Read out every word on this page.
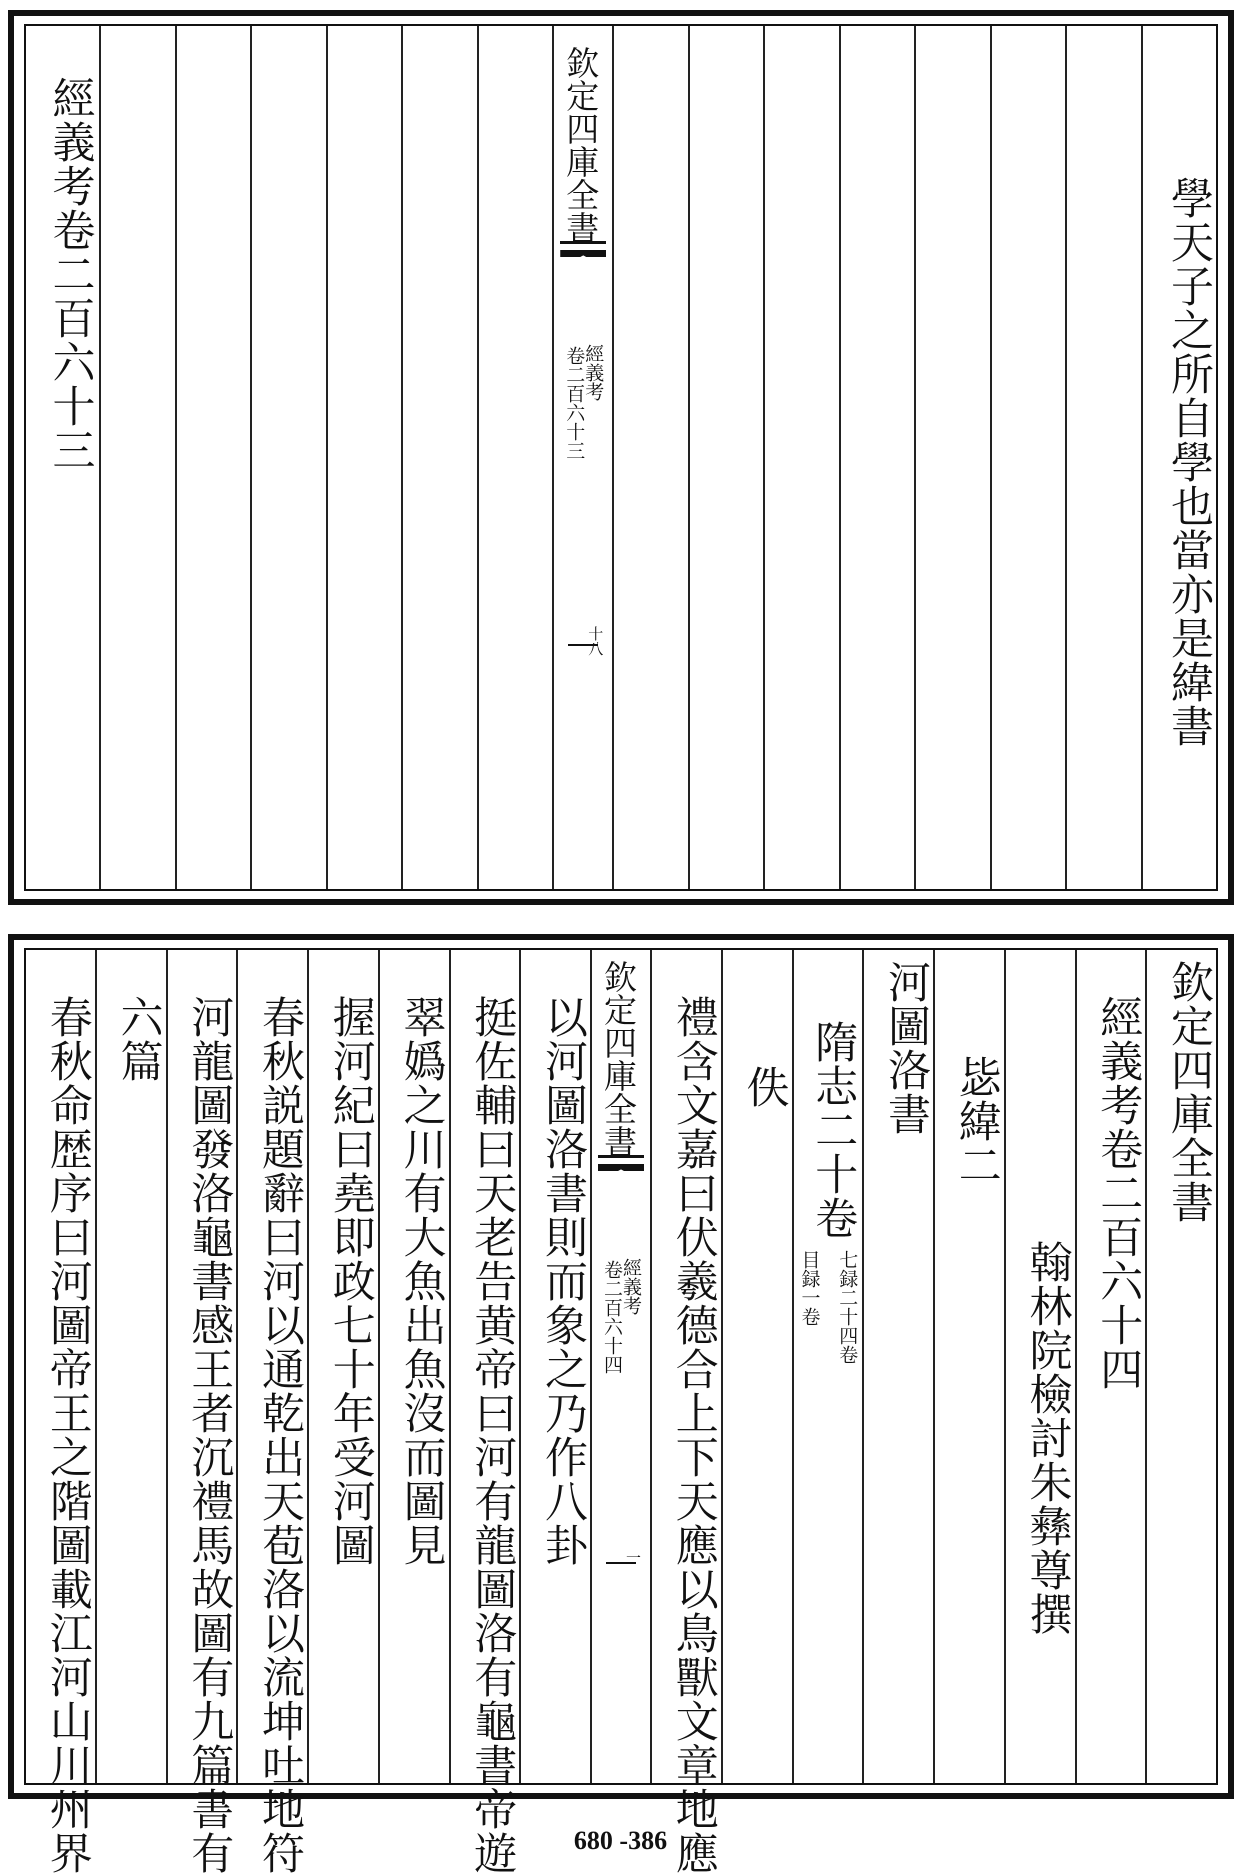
學天子之所自學也當亦是緯書
欽定四庫全書
經義考
卷二百六十三
十八
經義考卷二百六十三
欽定四庫全書
經義考卷二百六十四
翰林院檢討朱彝尊撰
毖緯二
河圖洛書
隋志二十卷
七録二十四卷
目録一卷
佚
禮含文嘉曰伏羲德合上下天應以鳥獸文章地應
欽定四庫全書
經義考
卷二百六十四
一
以河圖洛書則而象之乃作八卦
挺佐輔曰天老告黄帝曰河有龍圖洛有龜書帝遊
翠嬀之川有大魚出魚沒而圖見
握河紀曰堯即政七十年受河圖
春秋説題辭曰河以通乾出天苞洛以流坤吐地符
河龍圖發洛龜書感王者沉禮馬故圖有九篇書有
六篇
春秋命歴序曰河圖帝王之階圖載江河山川州界	680 -386
